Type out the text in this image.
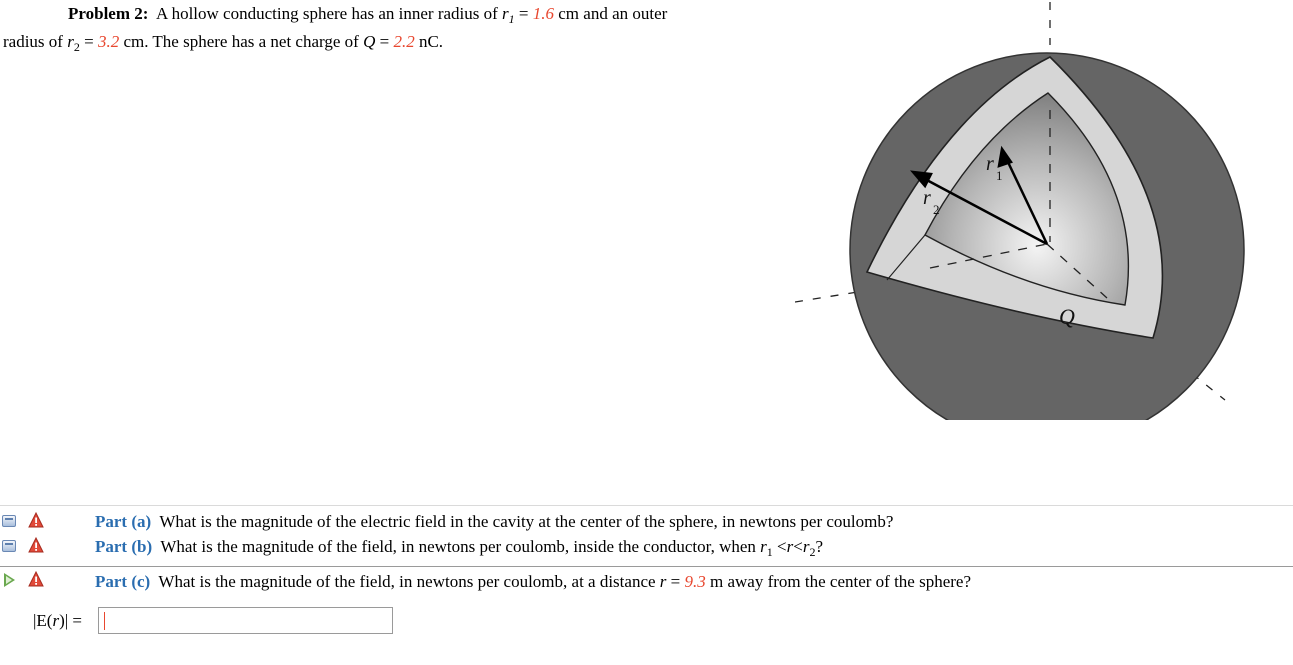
Problem 2: A hollow conducting sphere has an inner radius of $r_1 = 1.6$ cm and an outer
radius of $r_2 = 3.2$ cm. The sphere has a net charge of Q = 2.2 nC.
r
2
r
1
Q
Part (a) What is the magnitude of the electric field in the cavity at the center of the sphere, in newtons per coulomb?
Part (b) What is the magnitude of the field, in newtons per coulomb, inside the conductor, when $r_1 <r<r_2$?
Part (c) What is the magnitude of the field, in newtons per coulomb, at a distance r = 9.3 m away from the center of the sphere?
|E(r)| =
